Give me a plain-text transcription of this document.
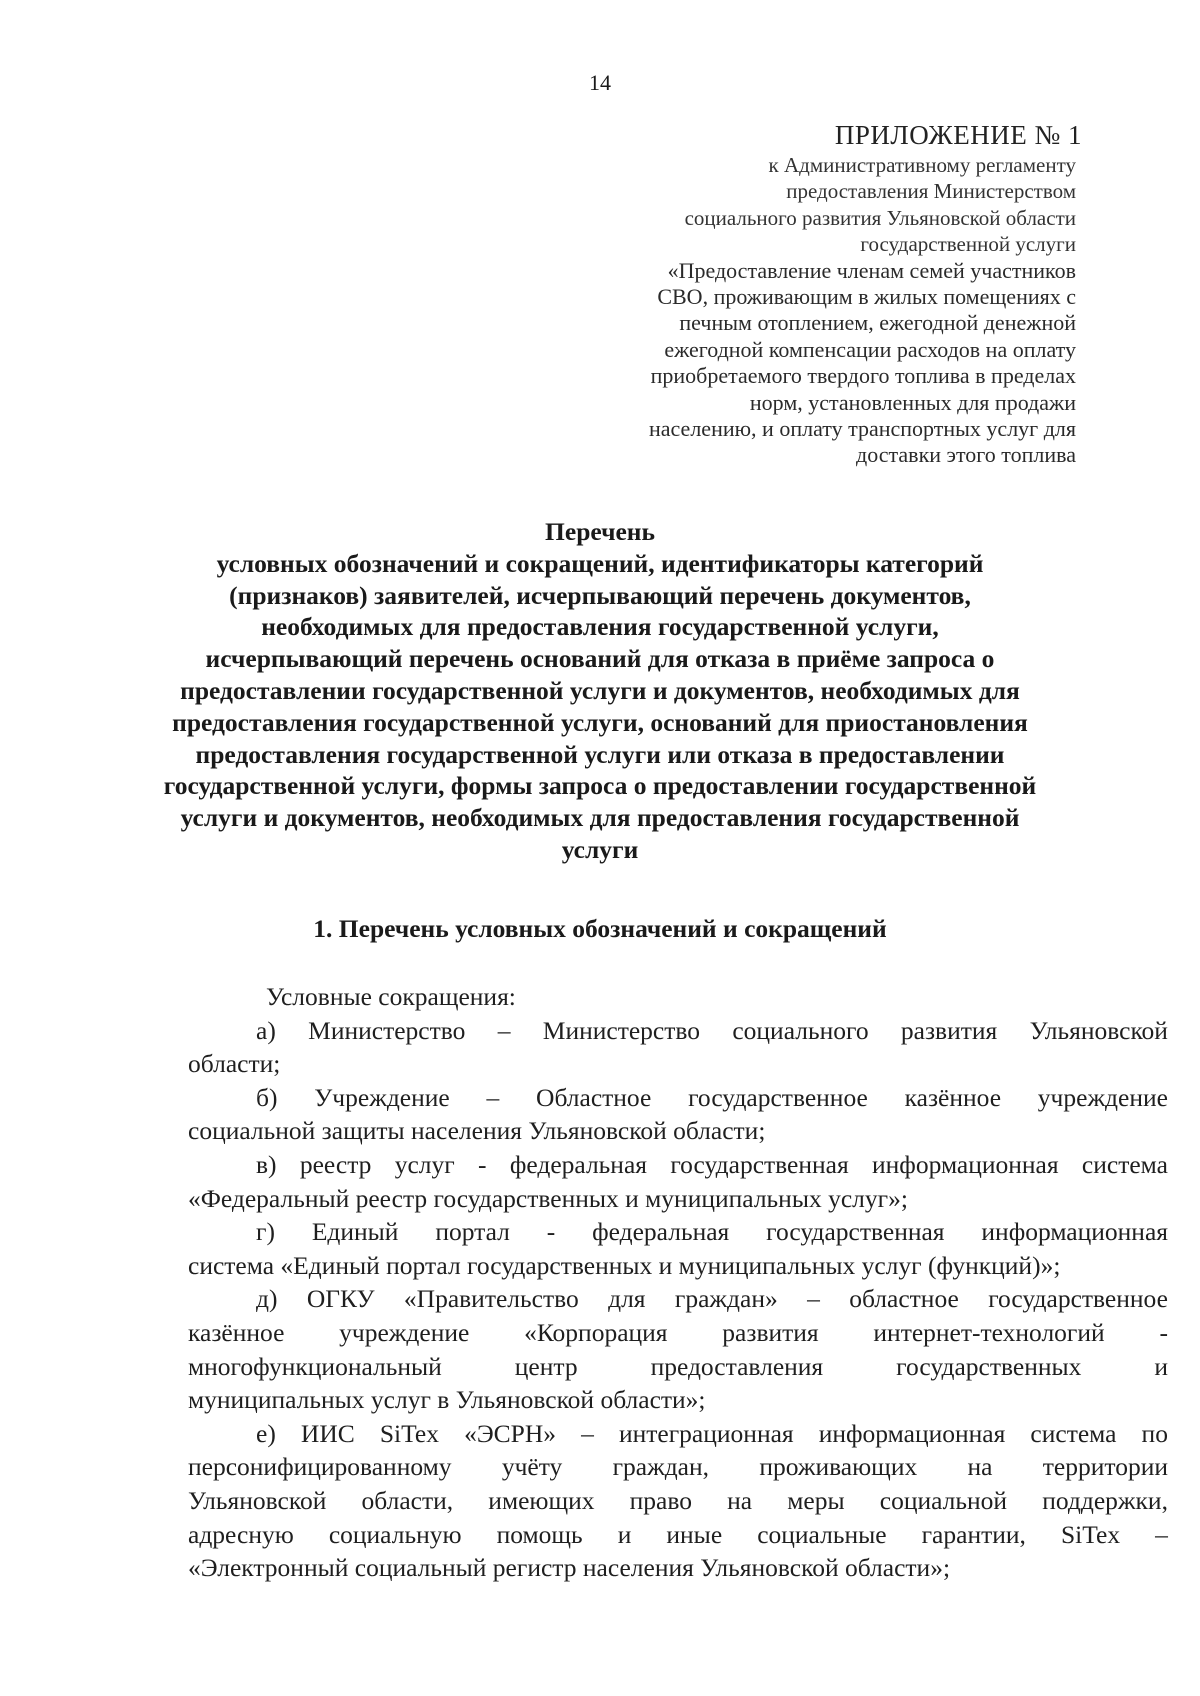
14
ПРИЛОЖЕНИЕ № 1
к Административному регламенту
предоставления Министерством
социального развития Ульяновской области
государственной услуги
«Предоставление членам семей участников
СВО, проживающим в жилых помещениях с
печным отоплением, ежегодной денежной
ежегодной компенсации расходов на оплату
приобретаемого твердого топлива в пределах
норм, установленных для продажи
населению, и оплату транспортных услуг для
доставки этого топлива
Перечень
условных обозначений и сокращений, идентификаторы категорий
(признаков) заявителей, исчерпывающий перечень документов,
необходимых для предоставления государственной услуги,
исчерпывающий перечень оснований для отказа в приёме запроса о
предоставлении государственной услуги и документов, необходимых для
предоставления государственной услуги, оснований для приостановления
предоставления государственной услуги или отказа в предоставлении
государственной услуги, формы запроса о предоставлении государственной
услуги и документов, необходимых для предоставления государственной
услуги
1. Перечень условных обозначений и сокращений
Условные сокращения:
а) Министерство – Министерство социального развития Ульяновской
области;
б) Учреждение – Областное государственное казённое учреждение
социальной защиты населения Ульяновской области;
в) реестр услуг - федеральная государственная информационная система
«Федеральный реестр государственных и муниципальных услуг»;
г) Единый портал - федеральная государственная информационная
система «Единый портал государственных и муниципальных услуг (функций)»;
д) ОГКУ «Правительство для граждан» – областное государственное
казённое учреждение «Корпорация развития интернет-технологий -
многофункциональный	центр	предоставления	государственных	и
муниципальных услуг в Ульяновской области»;
е) ИИС SiTex «ЭСРН» – интеграционная информационная система по
персонифицированному учёту граждан, проживающих на территории
Ульяновской области, имеющих право на меры социальной поддержки,
адресную социальную помощь и иные социальные гарантии, SiTex –
«Электронный социальный регистр населения Ульяновской области»;
